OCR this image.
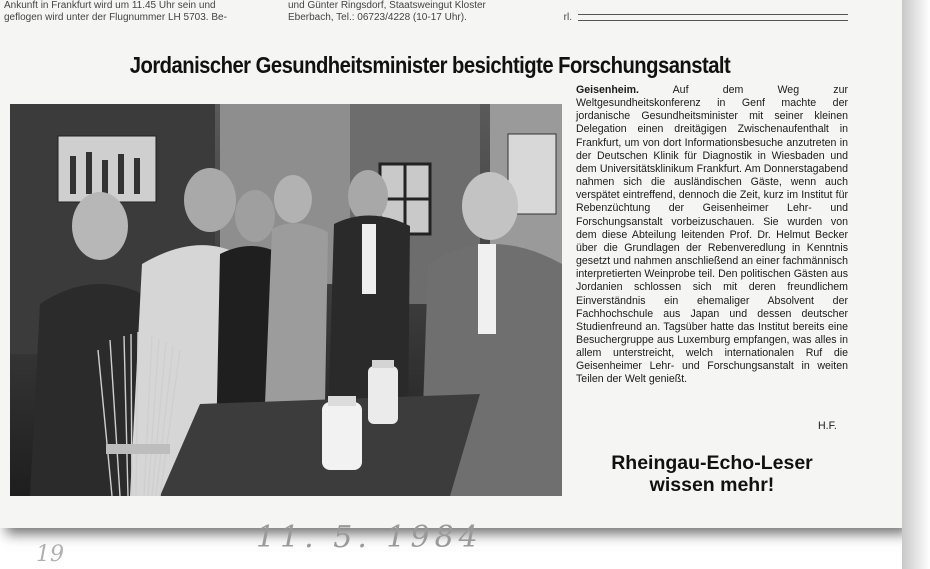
Ankunft in Frankfurt wird um 11.45 Uhr sein und
geflogen wird unter der Flugnummer LH 5703. Be-
und Günter Ringsdorf, Staatsweingut Kloster
Eberbach, Tel.: 06723/4228 (10-17 Uhr).	rl.
Jordanischer Gesundheitsminister besichtigte Forschungsanstalt
Geisenheim.	Auf dem Weg zur Weltgesundheitskonferenz in Genf machte der jordanische Gesundheitsminister mit seiner kleinen Delegation einen dreitägigen Zwischenaufenthalt in Frankfurt, um von dort Informationsbesuche anzutreten in der Deutschen Klinik für Diagnostik in Wiesbaden und dem Universitätsklinikum Frankfurt. Am Donnerstagabend nahmen sich die ausländischen Gäste, wenn auch verspätet eintreffend, dennoch die Zeit, kurz im Institut für Rebenzüchtung der Geisenheimer Lehr- und Forschungsanstalt vorbeizuschauen. Sie wurden von dem diese Abteilung leitenden Prof. Dr. Helmut Becker über die Grundlagen der Rebenveredlung in Kenntnis gesetzt und nahmen anschließend an einer fachmännisch interpretierten Weinprobe teil. Den politischen Gästen aus Jordanien schlossen sich mit deren freundlichem Einverständnis ein ehemaliger Absolvent der Fachhochschule aus Japan und dessen deutscher Studienfreund an. Tagsüber hatte das Institut bereits eine Besuchergruppe aus Luxemburg empfangen, was alles in allem unterstreicht, welch internationalen Ruf die Geisenheimer Lehr- und Forschungsanstalt in weiten Teilen der Welt genießt.
H.F.
Rheingau-Echo-Leser
wissen mehr!
11. 5. 1984
19
